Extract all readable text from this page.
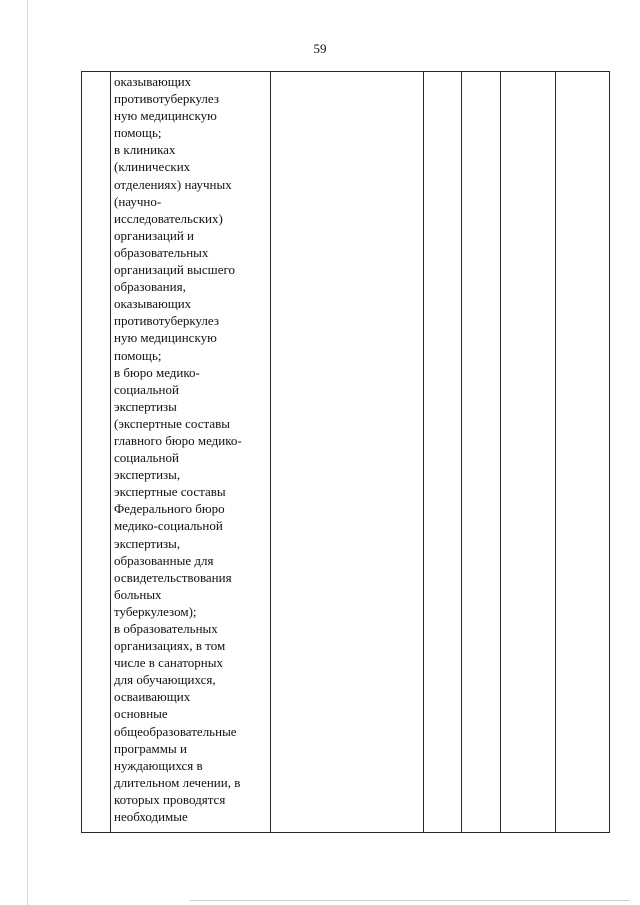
59
оказывающих
противотуберкулез
ную медицинскую
помощь;
в клиниках
(клинических
отделениях) научных
(научно-
исследовательских)
организаций и
образовательных
организаций высшего
образования,
оказывающих
противотуберкулез
ную медицинскую
помощь;
в бюро медико-
социальной
экспертизы
(экспертные составы
главного бюро медико-
социальной
экспертизы,
экспертные составы
Федерального бюро
медико-социальной
экспертизы,
образованные для
освидетельствования
больных
туберкулезом);
в образовательных
организациях, в том
числе в санаторных
для обучающихся,
осваивающих
основные
общеобразовательные
программы и
нуждающихся в
длительном лечении, в
которых проводятся
необходимые
